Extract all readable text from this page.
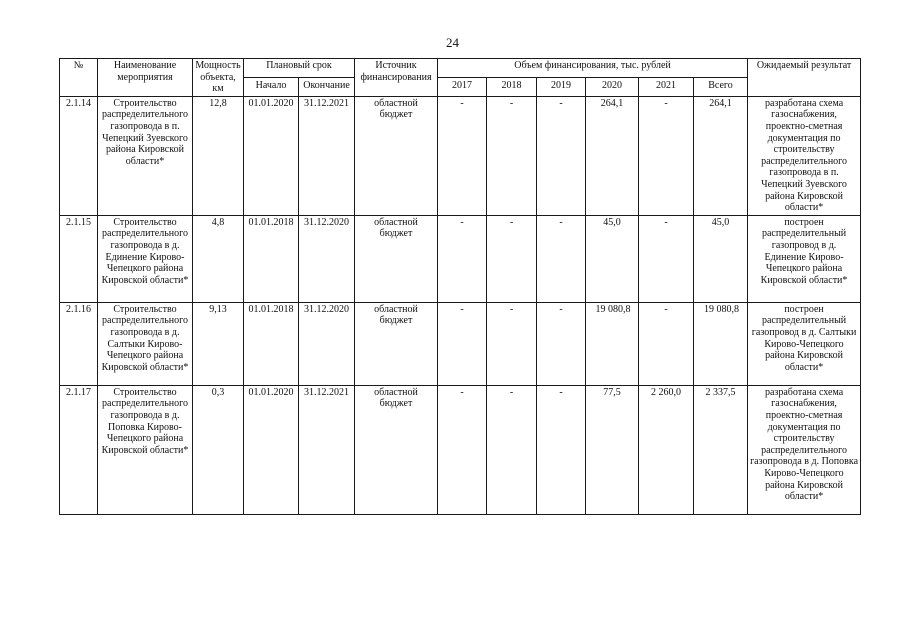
24
№	Наименование мероприятия	Мощность объекта, км	Плановый срок		Источник финансирования	Объем финансирования, тыс. рублей						Ожидаемый результат
			Начало	Окончание		2017	2018	2019	2020	2021	Всего	
2.1.14	Строительство распределительного газопровода в п. Чепецкий Зуевского района Кировской области*	12,8	01.01.2020	31.12.2021	областной бюджет	-	-	-	264,1	-	264,1	разработана схема газоснабжения, проектно-сметная документация по строительству распределительного газопровода в п. Чепецкий Зуевского района Кировской области*
2.1.15	Строительство распределительного газопровода в д. Единение Кирово-Чепецкого района Кировской области*	4,8	01.01.2018	31.12.2020	областной бюджет	-	-	-	45,0	-	45,0	построен распределительный газопровод в д. Единение Кирово-Чепецкого района Кировской области*
2.1.16	Строительство распределительного газопровода в д. Салтыки Кирово-Чепецкого района Кировской области*	9,13	01.01.2018	31.12.2020	областной бюджет	-	-	-	19 080,8	-	19 080,8	построен распределительный газопровод в д. Салтыки Кирово-Чепецкого района Кировской области*
2.1.17	Строительство распределительного газопровода в д. Поповка Кирово-Чепецкого района Кировской области*	0,3	01.01.2020	31.12.2021	областной бюджет	-	-	-	77,5	2 260,0	2 337,5	разработана схема газоснабжения, проектно-сметная документация по строительству распределительного газопровода в д. Поповка Кирово-Чепецкого района Кировской области*
